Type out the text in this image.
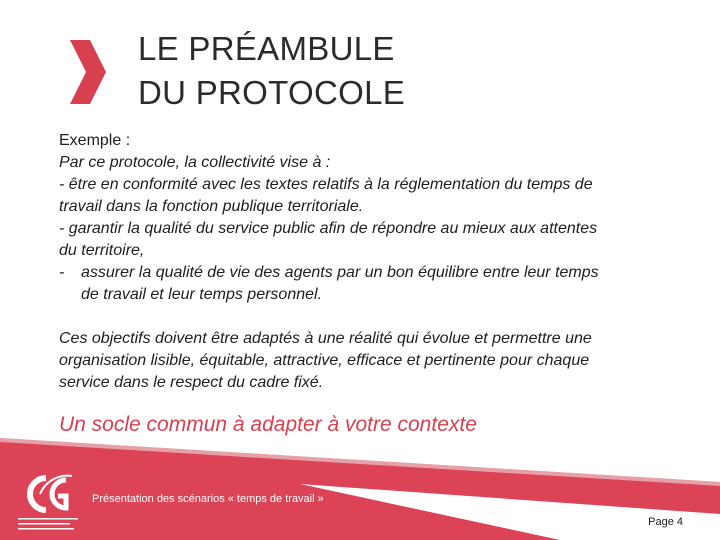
LE PRÉAMBULE
DU PROTOCOLE

Exemple :

Par ce protocole, la collectivité vise à :

- être en conformité avec les textes relatifs à la réglementation du temps de travail dans la fonction publique territoriale.

- garantir la qualité du service public afin de répondre au mieux aux attentes du territoire,

- assurer la qualité de vie des agents par un bon équilibre entre leur temps de travail et leur temps personnel.

Ces objectifs doivent être adaptés à une réalité qui évolue et permettre une organisation lisible, équitable, attractive, efficace et pertinente pour chaque service dans le respect du cadre fixé.

Un socle commun à adapter à votre contexte

Présentation des scénarios « temps de travail »
Page 4
